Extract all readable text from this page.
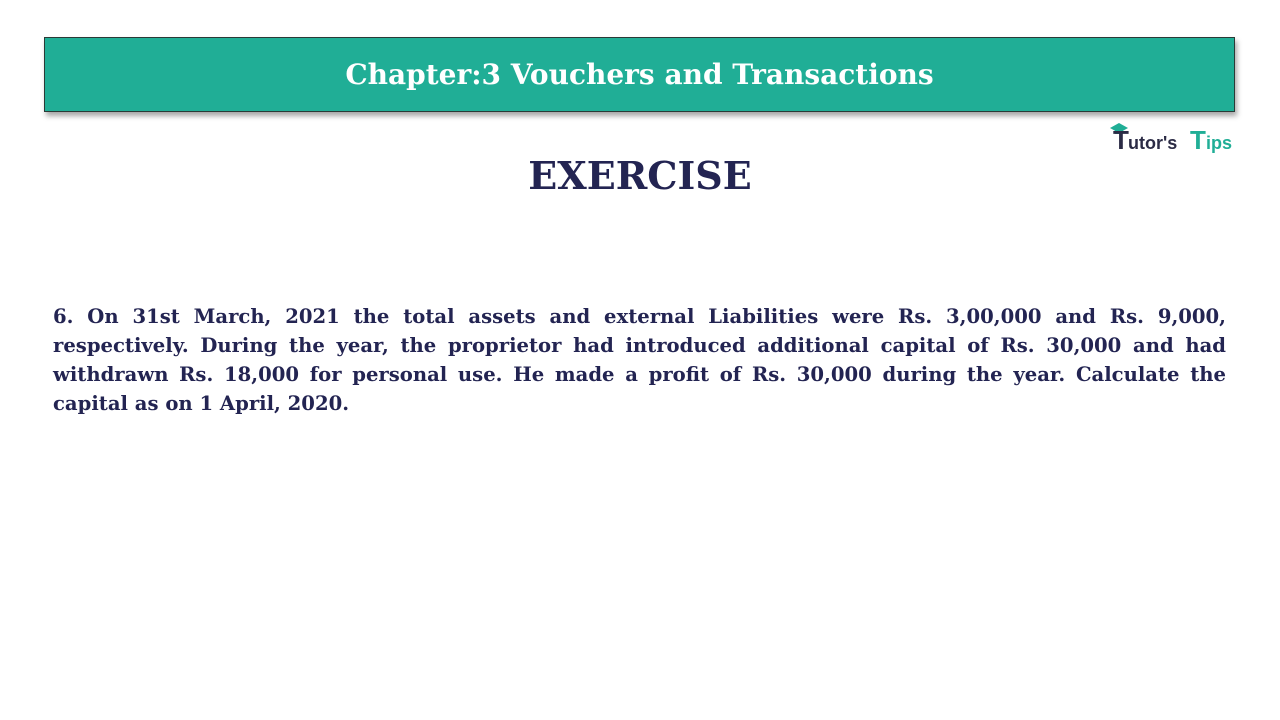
Chapter:3 Vouchers and Transactions
T utor's T ips
EXERCISE
6. On 31st March, 2021 the total assets and external Liabilities were Rs. 3,00,000 and Rs. 9,000, respectively. During the year, the proprietor had introduced additional capital of Rs. 30,000 and had withdrawn Rs. 18,000 for personal use. He made a profit of Rs. 30,000 during the year. Calculate the capital as on 1 April, 2020.
